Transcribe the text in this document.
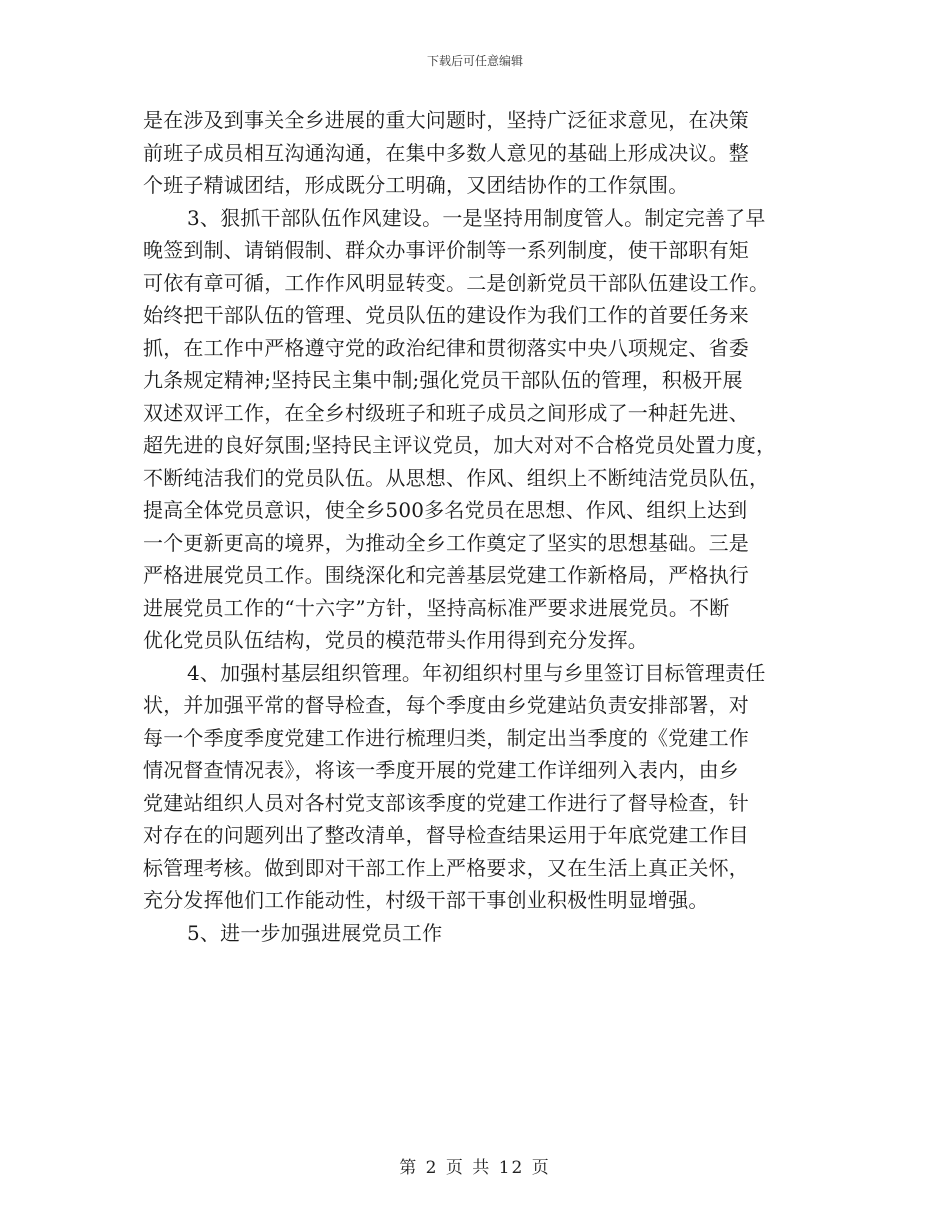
下载后可任意编辑
是在涉及到事关全乡进展的重大问题时，坚持广泛征求意见，在决策
前班子成员相互沟通沟通，在集中多数人意见的基础上形成决议。整
个班子精诚团结，形成既分工明确，又团结协作的工作氛围。
3、狠抓干部队伍作风建设。一是坚持用制度管人。制定完善了早
晚签到制、请销假制、群众办事评价制等一系列制度，使干部职有矩
可依有章可循，工作作风明显转变。二是创新党员干部队伍建设工作。
始终把干部队伍的管理、党员队伍的建设作为我们工作的首要任务来
抓，在工作中严格遵守党的政治纪律和贯彻落实中央八项规定、省委
九条规定精神;坚持民主集中制;强化党员干部队伍的管理，积极开展
双述双评工作，在全乡村级班子和班子成员之间形成了一种赶先进、
超先进的良好氛围;坚持民主评议党员，加大对对不合格党员处置力度，
不断纯洁我们的党员队伍。从思想、作风、组织上不断纯洁党员队伍，
提高全体党员意识，使全乡500多名党员在思想、作风、组织上达到
一个更新更高的境界，为推动全乡工作奠定了坚实的思想基础。三是
严格进展党员工作。围绕深化和完善基层党建工作新格局，严格执行
进展党员工作的“十六字”方针，坚持高标准严要求进展党员。不断
优化党员队伍结构，党员的模范带头作用得到充分发挥。
4、加强村基层组织管理。年初组织村里与乡里签订目标管理责任
状，并加强平常的督导检查，每个季度由乡党建站负责安排部署，对
每一个季度季度党建工作进行梳理归类，制定出当季度的《党建工作
情况督查情况表》，将该一季度开展的党建工作详细列入表内，由乡
党建站组织人员对各村党支部该季度的党建工作进行了督导检查，针
对存在的问题列出了整改清单，督导检查结果运用于年底党建工作目
标管理考核。做到即对干部工作上严格要求，又在生活上真正关怀，
充分发挥他们工作能动性，村级干部干事创业积极性明显增强。
5、进一步加强进展党员工作
第 2 页 共 12 页
